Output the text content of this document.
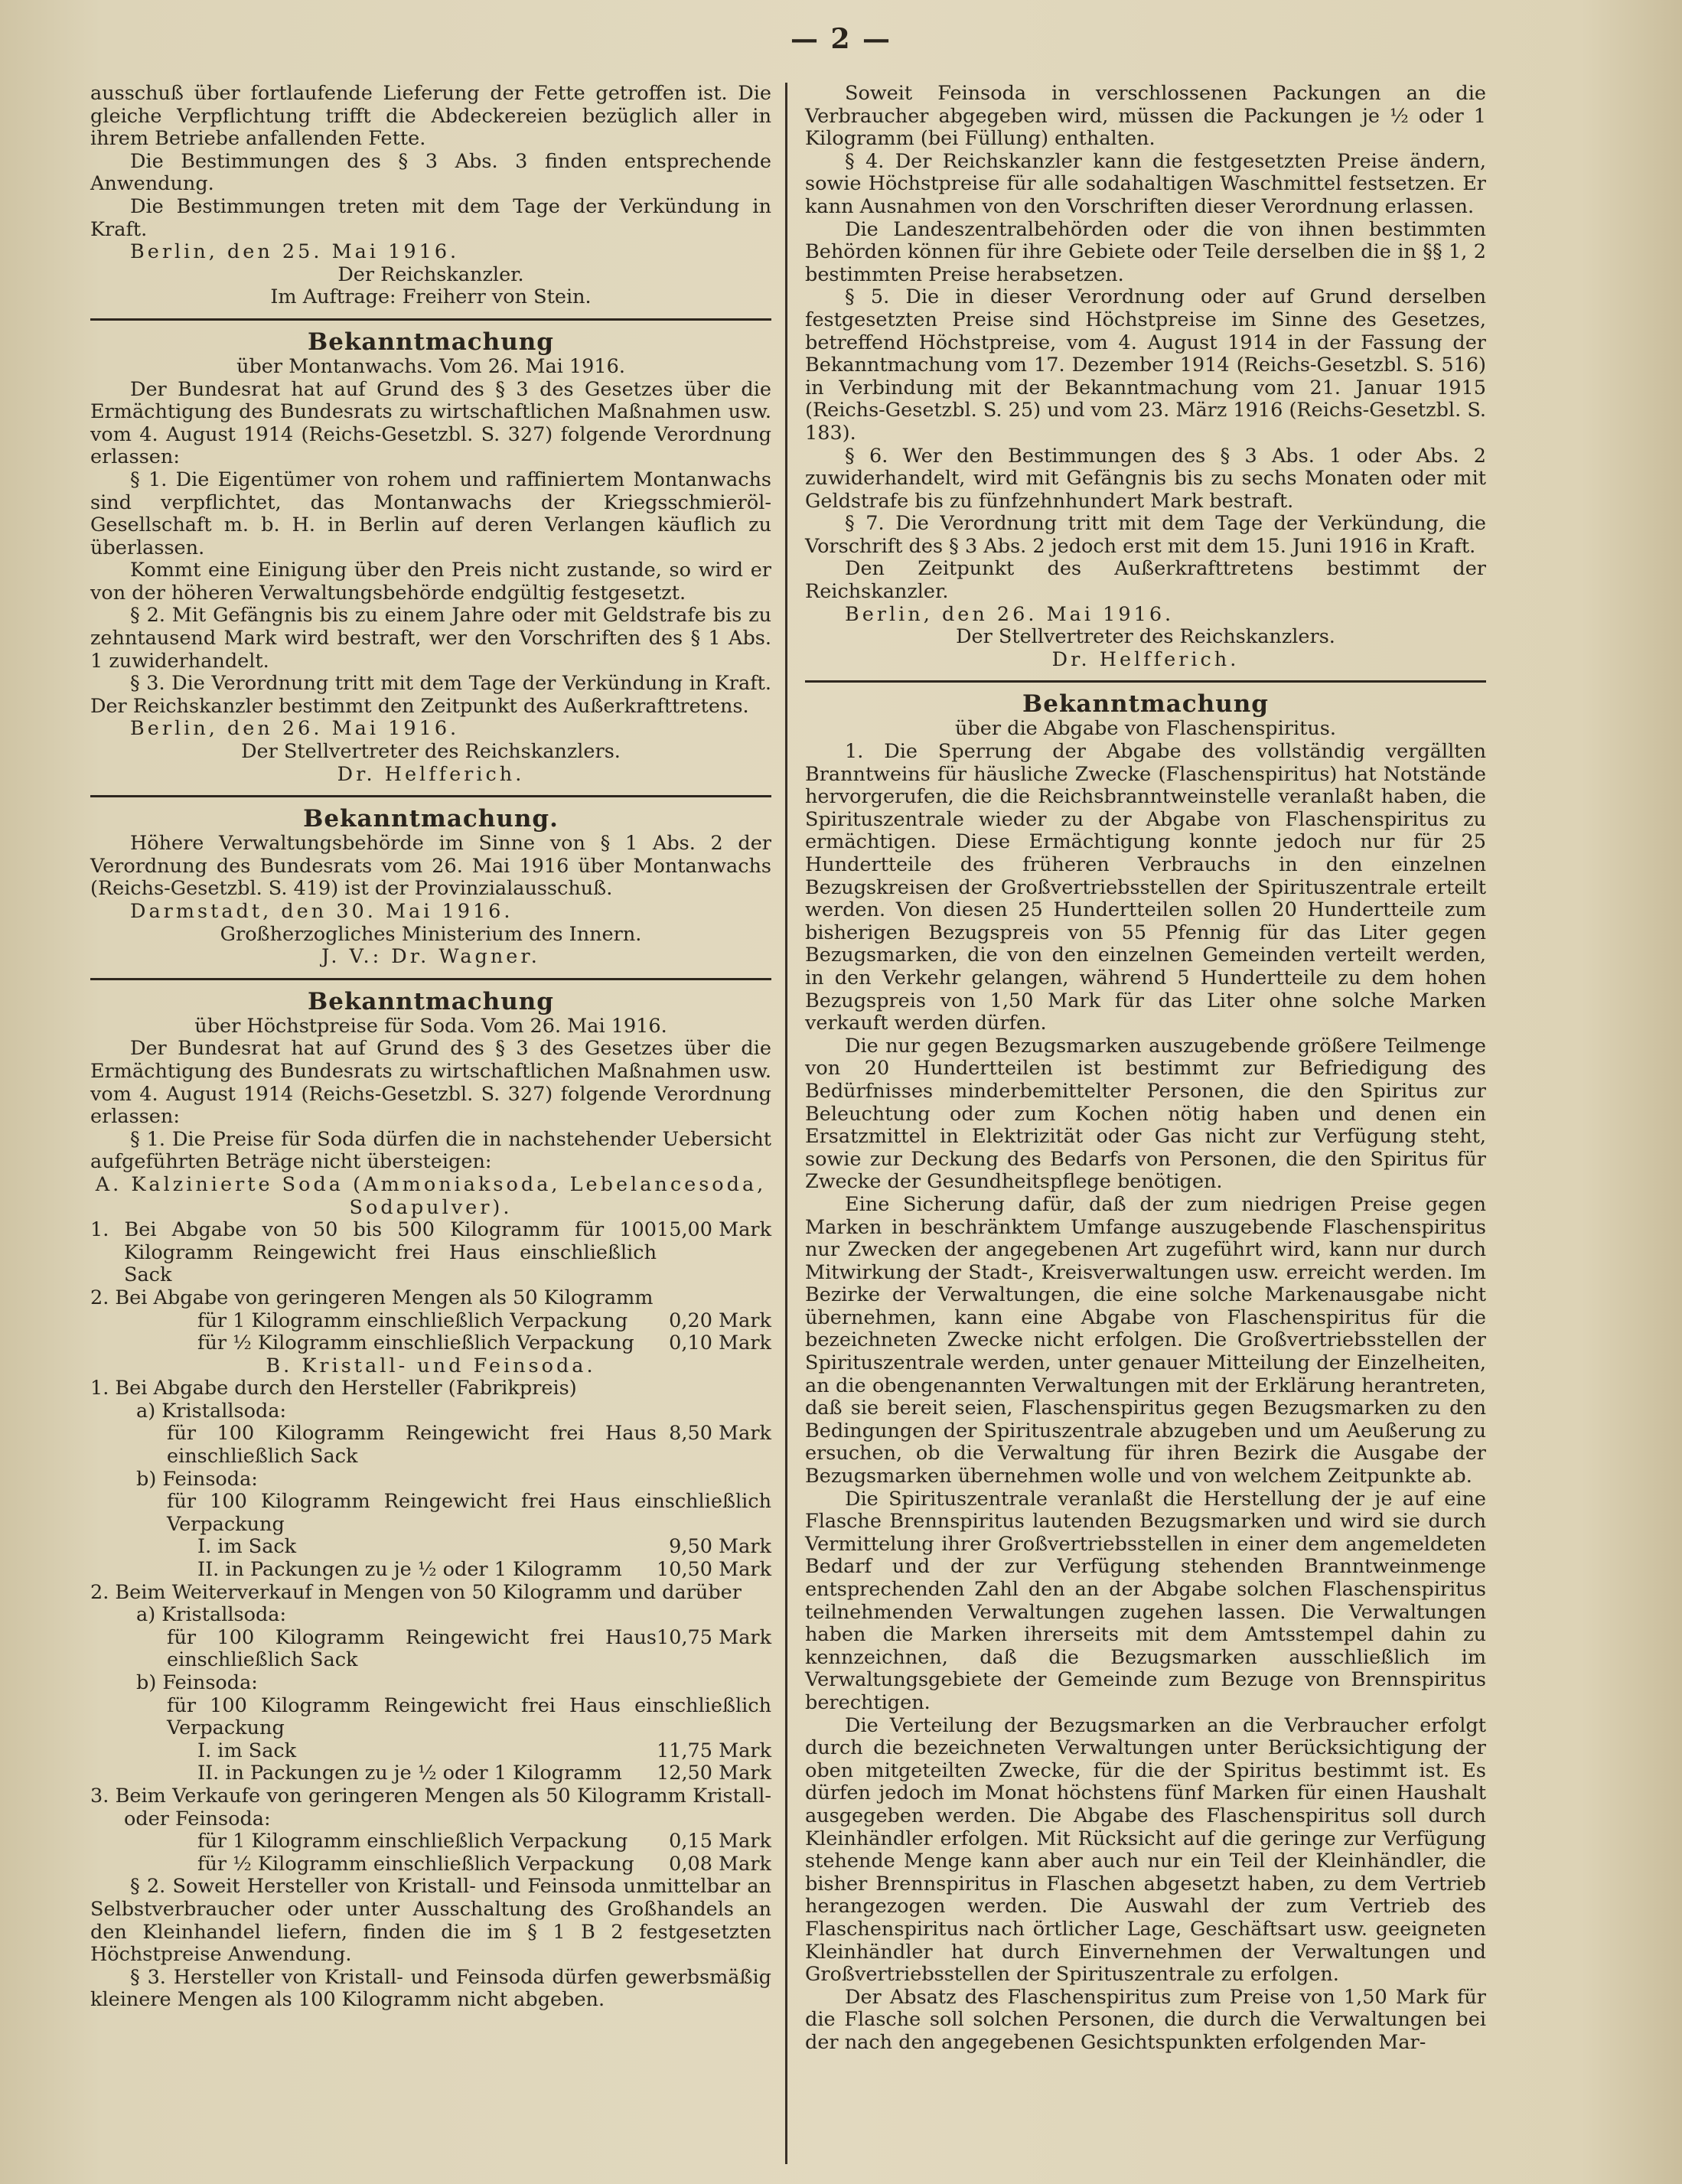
— 2 —

ausschuß über fortlaufende Lieferung der Fette getroffen ist. Die gleiche Verpflichtung trifft die Abdeckereien bezüglich aller in ihrem Betriebe anfallenden Fette.

Die Bestimmungen des § 3 Abs. 3 finden entsprechende Anwendung.

Die Bestimmungen treten mit dem Tage der Verkündung in Kraft.

Berlin, den 25. Mai 1916.

Der Reichskanzler.
Im Auftrage: Freiherr von Stein.
Bekanntmachung
über Montanwachs. Vom 26. Mai 1916.

Der Bundesrat hat auf Grund des § 3 des Gesetzes über die Ermächtigung des Bundesrats zu wirtschaftlichen Maßnahmen usw. vom 4. August 1914 (Reichs-Gesetzbl. S. 327) folgende Verordnung erlassen:

§ 1. Die Eigentümer von rohem und raffiniertem Montanwachs sind verpflichtet, das Montanwachs der Kriegsschmieröl-Gesellschaft m. b. H. in Berlin auf deren Verlangen käuflich zu überlassen.

Kommt eine Einigung über den Preis nicht zustande, so wird er von der höheren Verwaltungsbehörde endgültig festgesetzt.

§ 2. Mit Gefängnis bis zu einem Jahre oder mit Geldstrafe bis zu zehntausend Mark wird bestraft, wer den Vorschriften des § 1 Abs. 1 zuwiderhandelt.

§ 3. Die Verordnung tritt mit dem Tage der Verkündung in Kraft. Der Reichskanzler bestimmt den Zeitpunkt des Außerkrafttretens.

Berlin, den 26. Mai 1916.

Der Stellvertreter des Reichskanzlers.
Dr. Helfferich.
Bekanntmachung.

Höhere Verwaltungsbehörde im Sinne von § 1 Abs. 2 der Verordnung des Bundesrats vom 26. Mai 1916 über Montanwachs (Reichs-Gesetzbl. S. 419) ist der Provinzialausschuß.

Darmstadt, den 30. Mai 1916.

Großherzogliches Ministerium des Innern.
J. V.: Dr. Wagner.
Bekanntmachung
über Höchstpreise für Soda. Vom 26. Mai 1916.

Der Bundesrat hat auf Grund des § 3 des Gesetzes über die Ermächtigung des Bundesrats zu wirtschaftlichen Maßnahmen usw. vom 4. August 1914 (Reichs-Gesetzbl. S. 327) folgende Verordnung erlassen:

§ 1. Die Preise für Soda dürfen die in nachstehender Uebersicht aufgeführten Beträge nicht übersteigen:

A. Kalzinierte Soda (Ammoniaksoda, Lebelancesoda, Sodapulver).
1. Bei Abgabe von 50 bis 500 Kilogramm für 100 Kilogramm Reingewicht frei Haus einschließlich Sack
15,00 Mark
2. Bei Abgabe von geringeren Mengen als 50 Kilogramm
für 1 Kilogramm einschließlich Verpackung	0,20 Mark
für ½ Kilogramm einschließlich Verpackung	0,10 Mark
B. Kristall- und Feinsoda.
1. Bei Abgabe durch den Hersteller (Fabrikpreis)
a) Kristallsoda:
für 100 Kilogramm Reingewicht frei Haus einschließlich Sack
8,50 Mark
b) Feinsoda:
für 100 Kilogramm Reingewicht frei Haus einschließlich Verpackung
I. im Sack	9,50 Mark
II. in Packungen zu je ½ oder 1 Kilogramm	10,50 Mark
2. Beim Weiterverkauf in Mengen von 50 Kilogramm und darüber
a) Kristallsoda:
für 100 Kilogramm Reingewicht frei Haus einschließlich Sack
10,75 Mark
b) Feinsoda:
für 100 Kilogramm Reingewicht frei Haus einschließlich Verpackung
I. im Sack	11,75 Mark
II. in Packungen zu je ½ oder 1 Kilogramm	12,50 Mark
3. Beim Verkaufe von geringeren Mengen als 50 Kilogramm Kristall- oder Feinsoda:
für 1 Kilogramm einschließlich Verpackung	0,15 Mark
für ½ Kilogramm einschließlich Verpackung	0,08 Mark

§ 2. Soweit Hersteller von Kristall- und Feinsoda unmittelbar an Selbstverbraucher oder unter Ausschaltung des Großhandels an den Kleinhandel liefern, finden die im § 1 B 2 festgesetzten Höchstpreise Anwendung.

§ 3. Hersteller von Kristall- und Feinsoda dürfen gewerbsmäßig kleinere Mengen als 100 Kilogramm nicht abgeben.

Soweit Feinsoda in verschlossenen Packungen an die Verbraucher abgegeben wird, müssen die Packungen je ½ oder 1 Kilogramm (bei Füllung) enthalten.

§ 4. Der Reichskanzler kann die festgesetzten Preise ändern, sowie Höchstpreise für alle sodahaltigen Waschmittel festsetzen. Er kann Ausnahmen von den Vorschriften dieser Verordnung erlassen.

Die Landeszentralbehörden oder die von ihnen bestimmten Behörden können für ihre Gebiete oder Teile derselben die in §§ 1, 2 bestimmten Preise herabsetzen.

§ 5. Die in dieser Verordnung oder auf Grund derselben festgesetzten Preise sind Höchstpreise im Sinne des Gesetzes, betreffend Höchstpreise, vom 4. August 1914 in der Fassung der Bekanntmachung vom 17. Dezember 1914 (Reichs-Gesetzbl. S. 516) in Verbindung mit der Bekanntmachung vom 21. Januar 1915 (Reichs-Gesetzbl. S. 25) und vom 23. März 1916 (Reichs-Gesetzbl. S. 183).

§ 6. Wer den Bestimmungen des § 3 Abs. 1 oder Abs. 2 zuwiderhandelt, wird mit Gefängnis bis zu sechs Monaten oder mit Geldstrafe bis zu fünfzehnhundert Mark bestraft.

§ 7. Die Verordnung tritt mit dem Tage der Verkündung, die Vorschrift des § 3 Abs. 2 jedoch erst mit dem 15. Juni 1916 in Kraft.

Den Zeitpunkt des Außerkrafttretens bestimmt der Reichskanzler.

Berlin, den 26. Mai 1916.

Der Stellvertreter des Reichskanzlers.
Dr. Helfferich.
Bekanntmachung
über die Abgabe von Flaschenspiritus.

1. Die Sperrung der Abgabe des vollständig vergällten Branntweins für häusliche Zwecke (Flaschenspiritus) hat Notstände hervorgerufen, die die Reichsbranntweinstelle veranlaßt haben, die Spirituszentrale wieder zu der Abgabe von Flaschenspiritus zu ermächtigen. Diese Ermächtigung konnte jedoch nur für 25 Hundertteile des früheren Verbrauchs in den einzelnen Bezugskreisen der Großvertriebsstellen der Spirituszentrale erteilt werden. Von diesen 25 Hundertteilen sollen 20 Hundertteile zum bisherigen Bezugspreis von 55 Pfennig für das Liter gegen Bezugsmarken, die von den einzelnen Gemeinden verteilt werden, in den Verkehr gelangen, während 5 Hundertteile zu dem hohen Bezugspreis von 1,50 Mark für das Liter ohne solche Marken verkauft werden dürfen.

Die nur gegen Bezugsmarken auszugebende größere Teilmenge von 20 Hundertteilen ist bestimmt zur Befriedigung des Bedürfnisses minderbemittelter Personen, die den Spiritus zur Beleuchtung oder zum Kochen nötig haben und denen ein Ersatzmittel in Elektrizität oder Gas nicht zur Verfügung steht, sowie zur Deckung des Bedarfs von Personen, die den Spiritus für Zwecke der Gesundheitspflege benötigen.

Eine Sicherung dafür, daß der zum niedrigen Preise gegen Marken in beschränktem Umfange auszugebende Flaschenspiritus nur Zwecken der angegebenen Art zugeführt wird, kann nur durch Mitwirkung der Stadt-, Kreisverwaltungen usw. erreicht werden. Im Bezirke der Verwaltungen, die eine solche Markenausgabe nicht übernehmen, kann eine Abgabe von Flaschenspiritus für die bezeichneten Zwecke nicht erfolgen. Die Großvertriebsstellen der Spirituszentrale werden, unter genauer Mitteilung der Einzelheiten, an die obengenannten Verwaltungen mit der Erklärung herantreten, daß sie bereit seien, Flaschenspiritus gegen Bezugsmarken zu den Bedingungen der Spirituszentrale abzugeben und um Aeußerung zu ersuchen, ob die Verwaltung für ihren Bezirk die Ausgabe der Bezugsmarken übernehmen wolle und von welchem Zeitpunkte ab.

Die Spirituszentrale veranlaßt die Herstellung der je auf eine Flasche Brennspiritus lautenden Bezugsmarken und wird sie durch Vermittelung ihrer Großvertriebsstellen in einer dem angemeldeten Bedarf und der zur Verfügung stehenden Branntweinmenge entsprechenden Zahl den an der Abgabe solchen Flaschenspiritus teilnehmenden Verwaltungen zugehen lassen. Die Verwaltungen haben die Marken ihrerseits mit dem Amtsstempel dahin zu kennzeichnen, daß die Bezugsmarken ausschließlich im Verwaltungsgebiete der Gemeinde zum Bezuge von Brennspiritus berechtigen.

Die Verteilung der Bezugsmarken an die Verbraucher erfolgt durch die bezeichneten Verwaltungen unter Berücksichtigung der oben mitgeteilten Zwecke, für die der Spiritus bestimmt ist. Es dürfen jedoch im Monat höchstens fünf Marken für einen Haushalt ausgegeben werden. Die Abgabe des Flaschenspiritus soll durch Kleinhändler erfolgen. Mit Rücksicht auf die geringe zur Verfügung stehende Menge kann aber auch nur ein Teil der Kleinhändler, die bisher Brennspiritus in Flaschen abgesetzt haben, zu dem Vertrieb herangezogen werden. Die Auswahl der zum Vertrieb des Flaschenspiritus nach örtlicher Lage, Geschäftsart usw. geeigneten Kleinhändler hat durch Einvernehmen der Verwaltungen und Großvertriebsstellen der Spirituszentrale zu erfolgen.

Der Absatz des Flaschenspiritus zum Preise von 1,50 Mark für die Flasche soll solchen Personen, die durch die Verwaltungen bei der nach den angegebenen Gesichtspunkten erfolgenden Mar-
